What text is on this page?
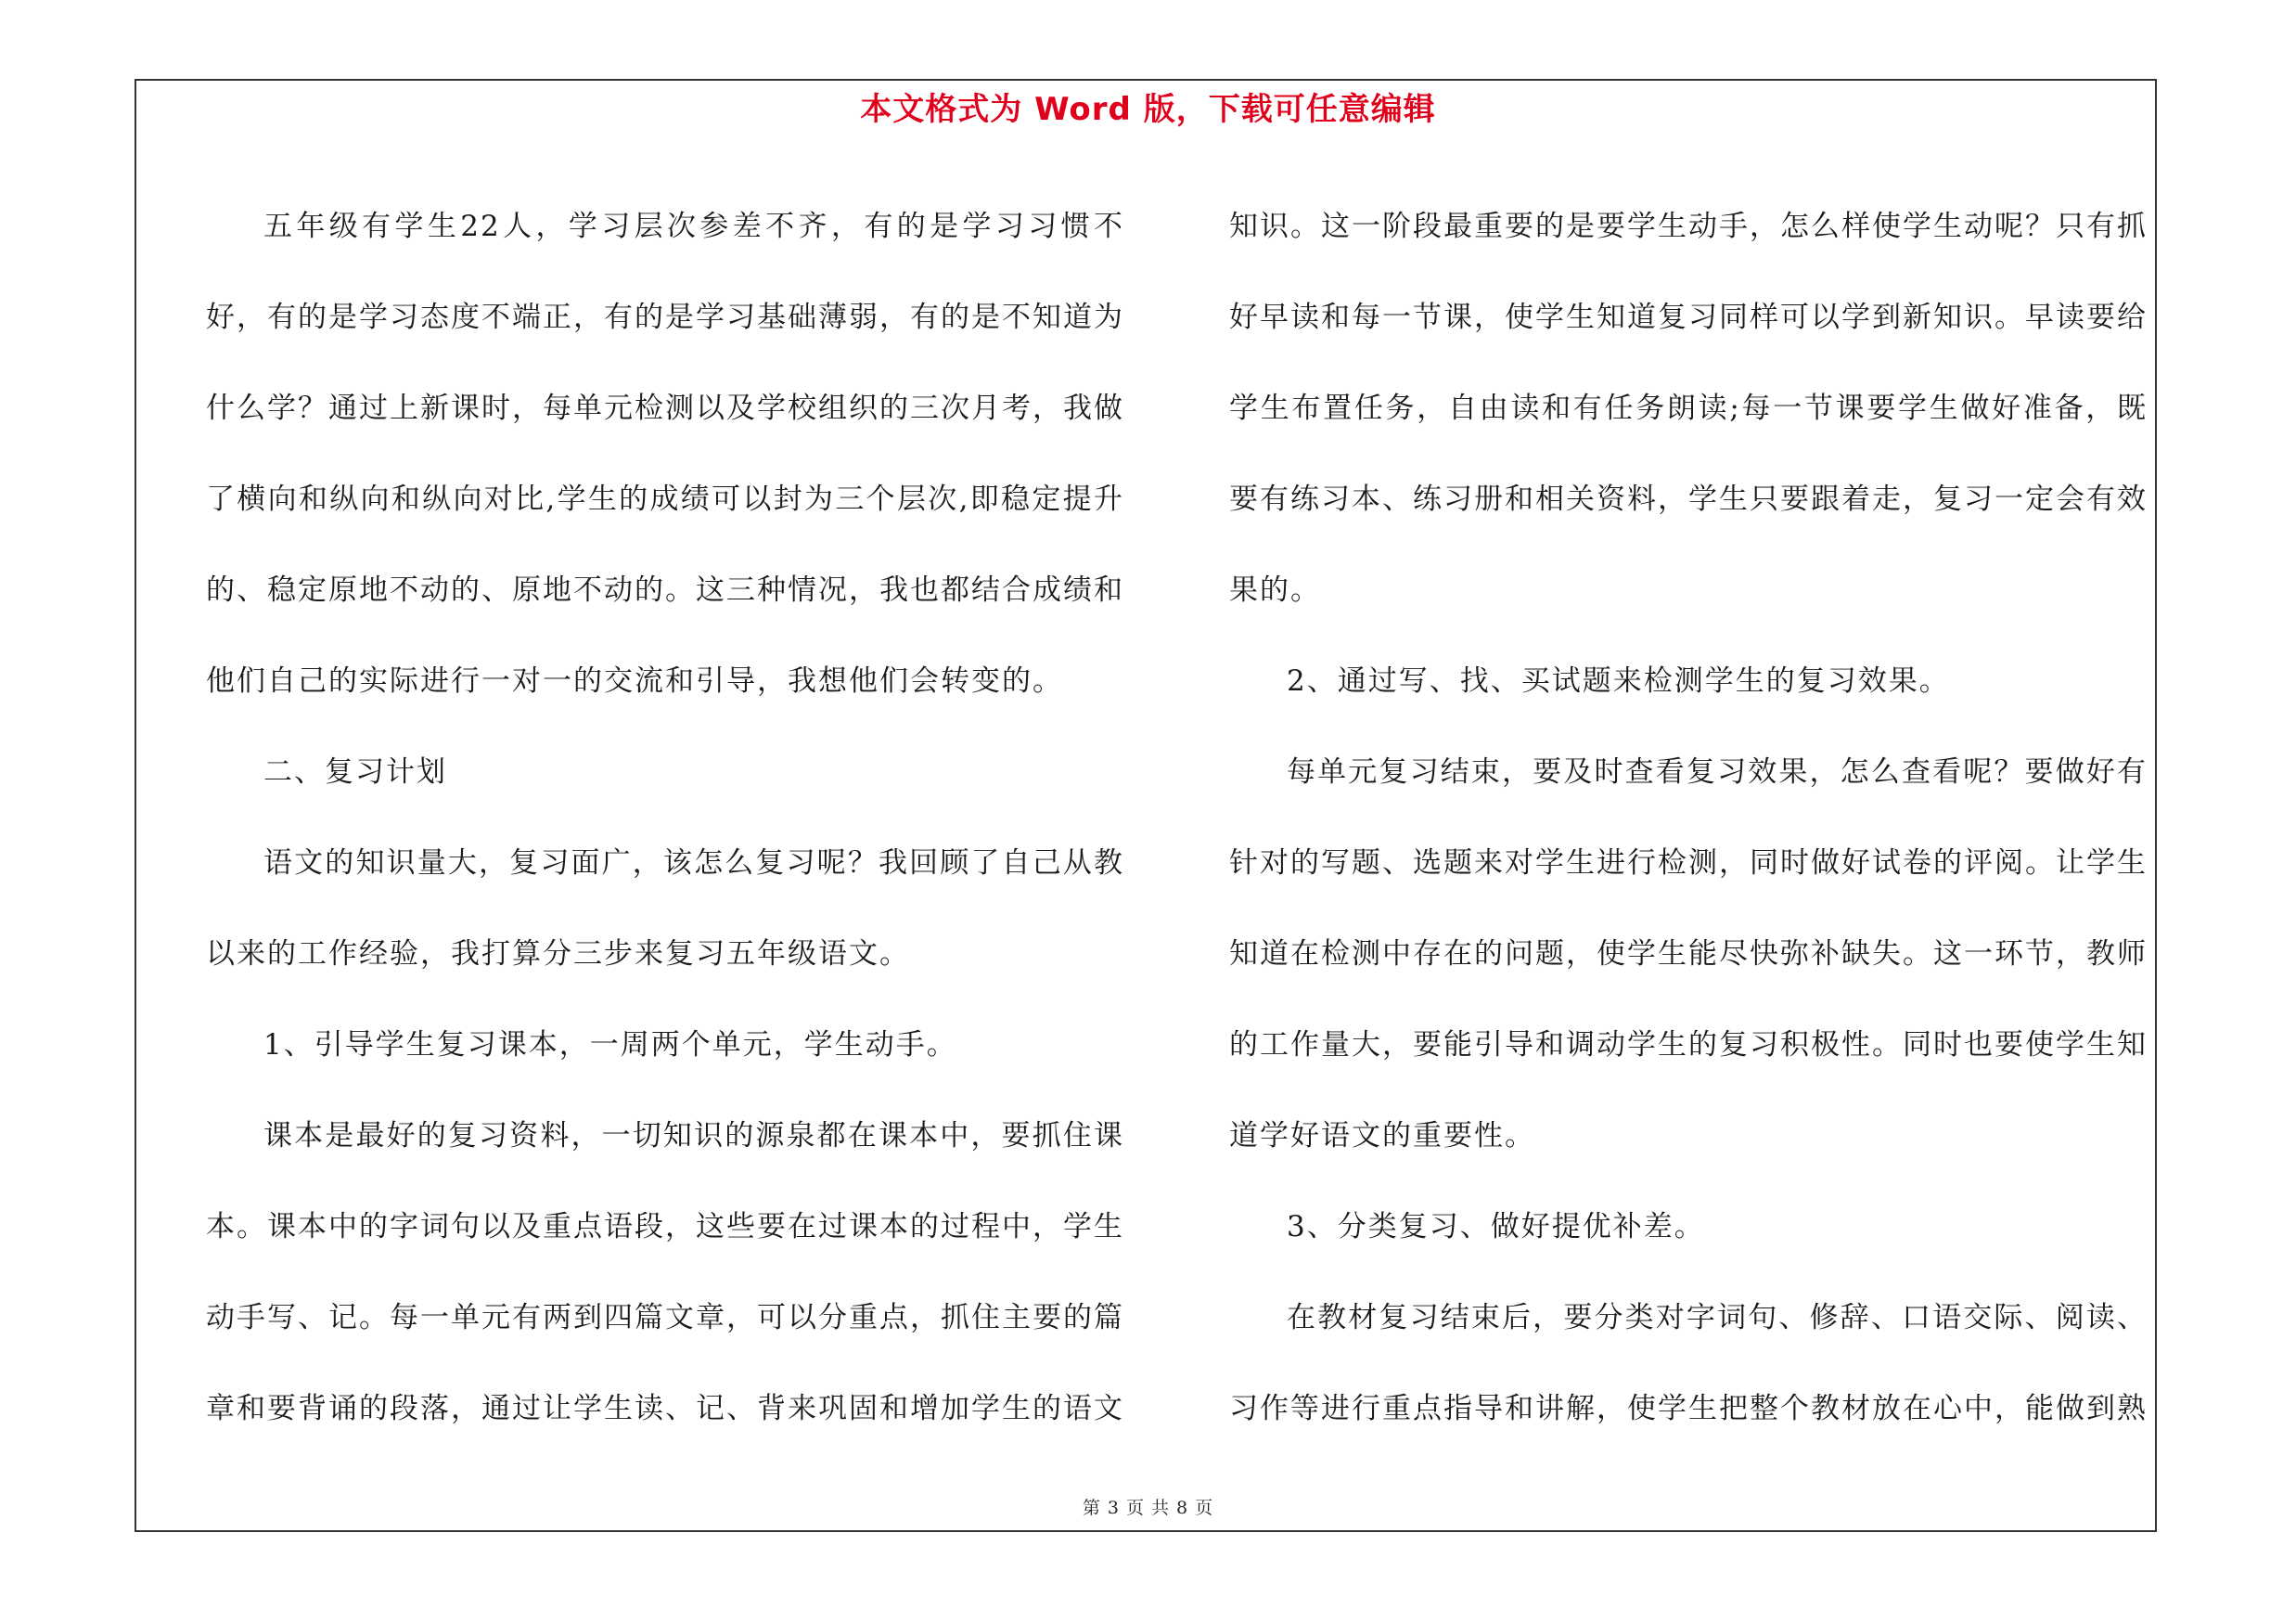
本文格式为 Word 版，下载可任意编辑

五年级有学生22人，学习层次参差不齐，有的是学习习惯不好，有的是学习态度不端正，有的是学习基础薄弱，有的是不知道为什么学？通过上新课时，每单元检测以及学校组织的三次月考，我做了横向和纵向和纵向对比,学生的成绩可以封为三个层次,即稳定提升的、稳定原地不动的、原地不动的。这三种情况，我也都结合成绩和他们自己的实际进行一对一的交流和引导，我想他们会转变的。

二、复习计划

语文的知识量大，复习面广，该怎么复习呢？我回顾了自己从教以来的工作经验，我打算分三步来复习五年级语文。

1、引导学生复习课本，一周两个单元，学生动手。

课本是最好的复习资料，一切知识的源泉都在课本中，要抓住课本。课本中的字词句以及重点语段，这些要在过课本的过程中，学生动手写、记。每一单元有两到四篇文章，可以分重点，抓住主要的篇章和要背诵的段落，通过让学生读、记、背来巩固和增加学生的语文

知识。这一阶段最重要的是要学生动手，怎么样使学生动呢？只有抓好早读和每一节课，使学生知道复习同样可以学到新知识。早读要给学生布置任务，自由读和有任务朗读;每一节课要学生做好准备，既要有练习本、练习册和相关资料，学生只要跟着走，复习一定会有效果的。

2、通过写、找、买试题来检测学生的复习效果。

每单元复习结束，要及时查看复习效果，怎么查看呢？要做好有针对的写题、选题来对学生进行检测，同时做好试卷的评阅。让学生知道在检测中存在的问题，使学生能尽快弥补缺失。这一环节，教师的工作量大，要能引导和调动学生的复习积极性。同时也要使学生知道学好语文的重要性。

3、分类复习、做好提优补差。

在教材复习结束后，要分类对字词句、修辞、口语交际、阅读、习作等进行重点指导和讲解，使学生把整个教材放在心中，能做到熟

第 3 页 共 8 页
